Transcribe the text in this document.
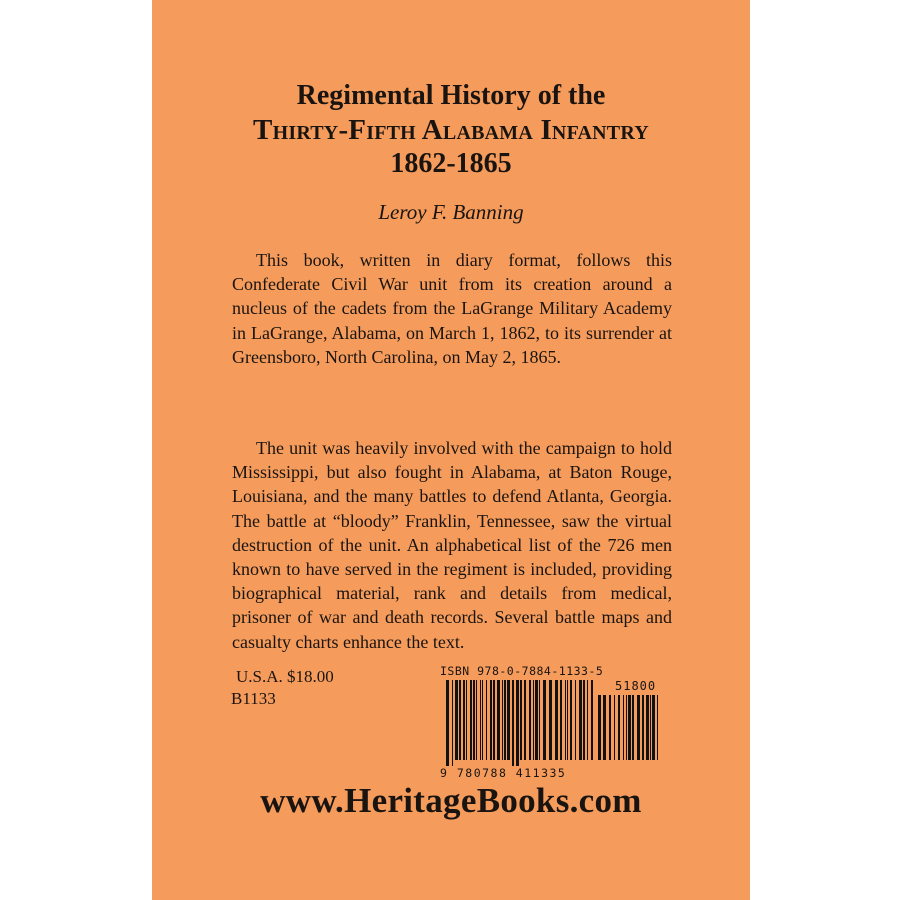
Regimental History of the
Thirty-Fifth Alabama Infantry
1862-1865
Leroy F. Banning

This book, written in diary format, follows this Confederate Civil War unit from its creation around a nucleus of the cadets from the LaGrange Military Academy in LaGrange, Alabama, on March 1, 1862, to its surrender at Greensboro, North Carolina, on May 2, 1865.

The unit was heavily involved with the campaign to hold Mississippi, but also fought in Alabama, at Baton Rouge, Louisiana, and the many battles to defend Atlanta, Georgia. The battle at “bloody” Franklin, Tennessee, saw the virtual destruction of the unit. An alphabetical list of the 726 men known to have served in the regiment is included, providing biographical material, rank and details from medical, prisoner of war and death records. Several battle maps and casualty charts enhance the text.

U.S.A. $18.00
B1133
ISBN 978-0-7884-1133-5
51800
9 780788 411335
www.HeritageBooks.com
